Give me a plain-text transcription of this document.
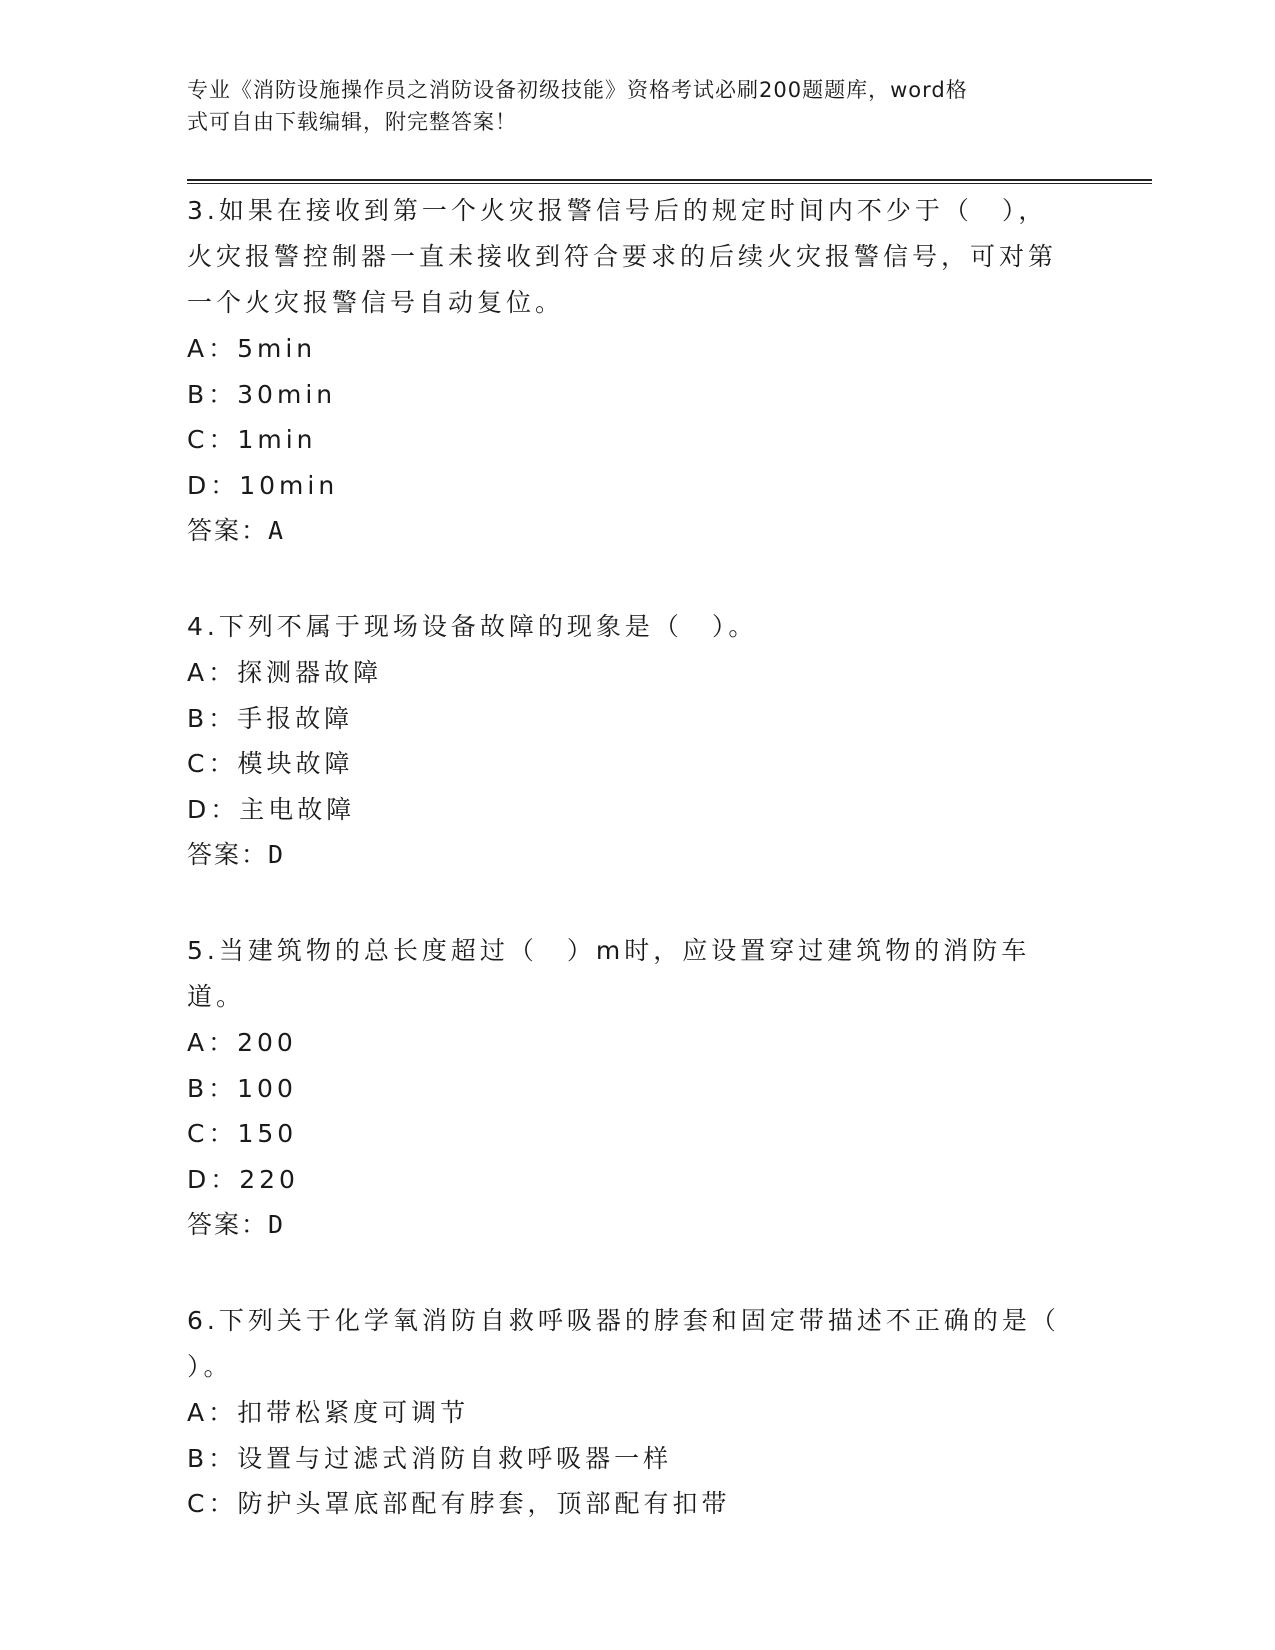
专业《消防设施操作员之消防设备初级技能》资格考试必刷200题题库，word格
式可自由下载编辑，附完整答案！

3.如果在接收到第一个火灾报警信号后的规定时间内不少于（　），

火灾报警控制器一直未接收到符合要求的后续火灾报警信号，可对第

一个火灾报警信号自动复位。

A：5min

B：30min

C：1min

D：10min

答案：A

4.下列不属于现场设备故障的现象是（　）。

A：探测器故障

B：手报故障

C：模块故障

D：主电故障

答案：D

5.当建筑物的总长度超过（　）m时，应设置穿过建筑物的消防车道。

A：200

B：100

C：150

D：220

答案：D

6.下列关于化学氧消防自救呼吸器的脖套和固定带描述不正确的是（

）。

A：扣带松紧度可调节

B：设置与过滤式消防自救呼吸器一样

C：防护头罩底部配有脖套，顶部配有扣带
